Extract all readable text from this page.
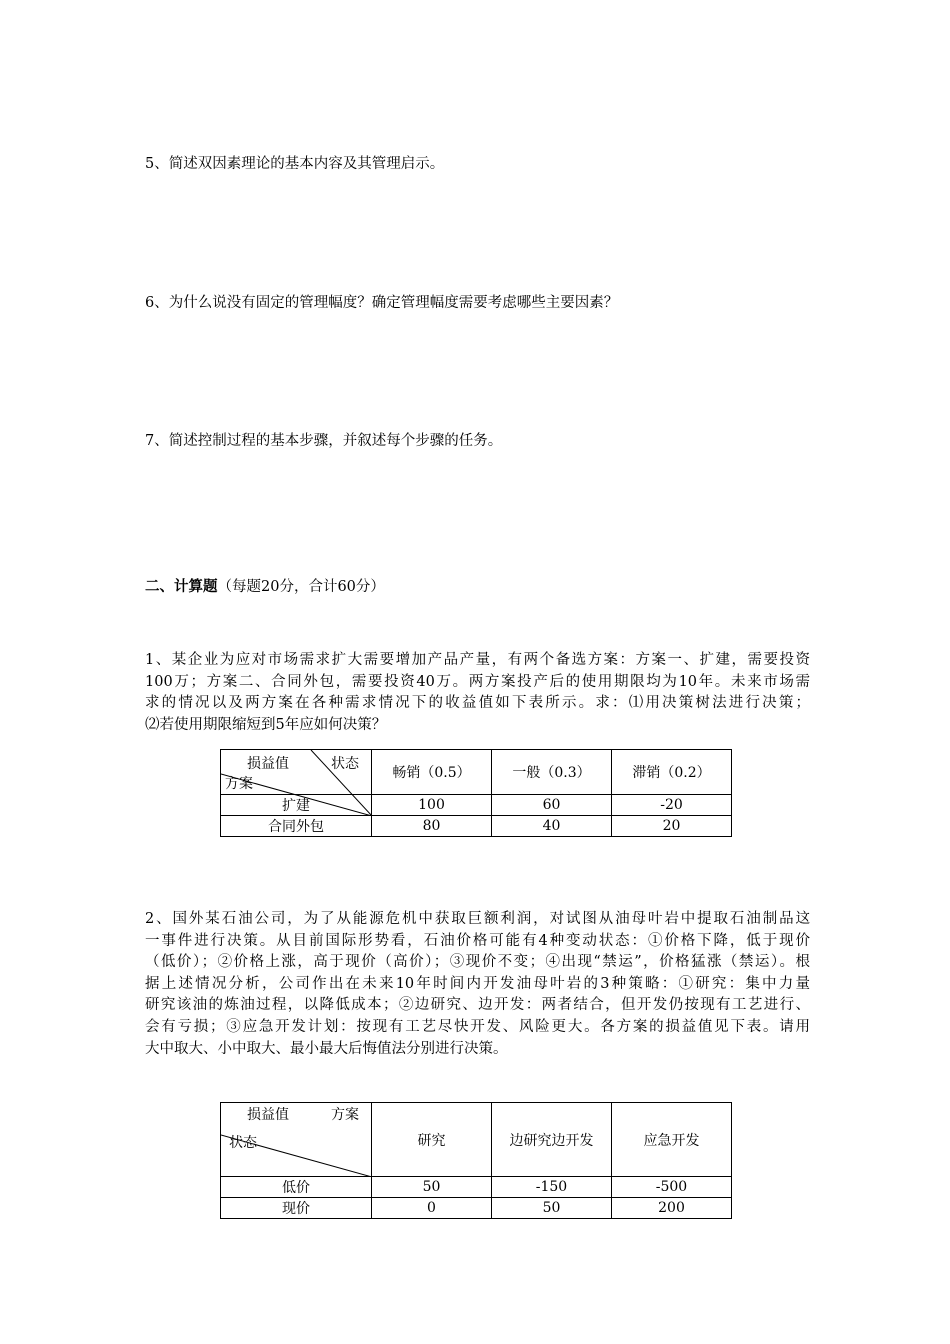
5、简述双因素理论的基本内容及其管理启示。

6、为什么说没有固定的管理幅度？确定管理幅度需要考虑哪些主要因素？

7、简述控制过程的基本步骤，并叙述每个步骤的任务。

二、计算题（每题20分，合计60分）

1、某企业为应对市场需求扩大需要增加产品产量，有两个备选方案：方案一、扩建，需要投资
100万；方案二、合同外包，需要投资40万。两方案投产后的使用期限均为10年。未来市场需
求的情况以及两方案在各种需求情况下的收益值如下表所示。求：⑴用决策树法进行决策；
⑵若使用期限缩短到5年应如何决策？
损益值 状态
方案	畅销（0.5）	一般（0.3）	滞销（0.2）
扩建	100	60	-20
合同外包	80	40	20
2、国外某石油公司，为了从能源危机中获取巨额利润，对试图从油母叶岩中提取石油制品这
一事件进行决策。从目前国际形势看，石油价格可能有4种变动状态：①价格下降，低于现价
（低价）；②价格上涨，高于现价（高价）；③现价不变；④出现“禁运”，价格猛涨（禁运）。根
据上述情况分析，公司作出在未来10年时间内开发油母叶岩的3种策略：①研究：集中力量
研究该油的炼油过程，以降低成本；②边研究、边开发：两者结合，但开发仍按现有工艺进行、
会有亏损；③应急开发计划：按现有工艺尽快开发、风险更大。各方案的损益值见下表。请用
大中取大、小中取大、最小最大后悔值法分别进行决策。
损益值 方案
状态	研究	边研究边开发	应急开发
低价	50	-150	-500
现价	0	50	200
